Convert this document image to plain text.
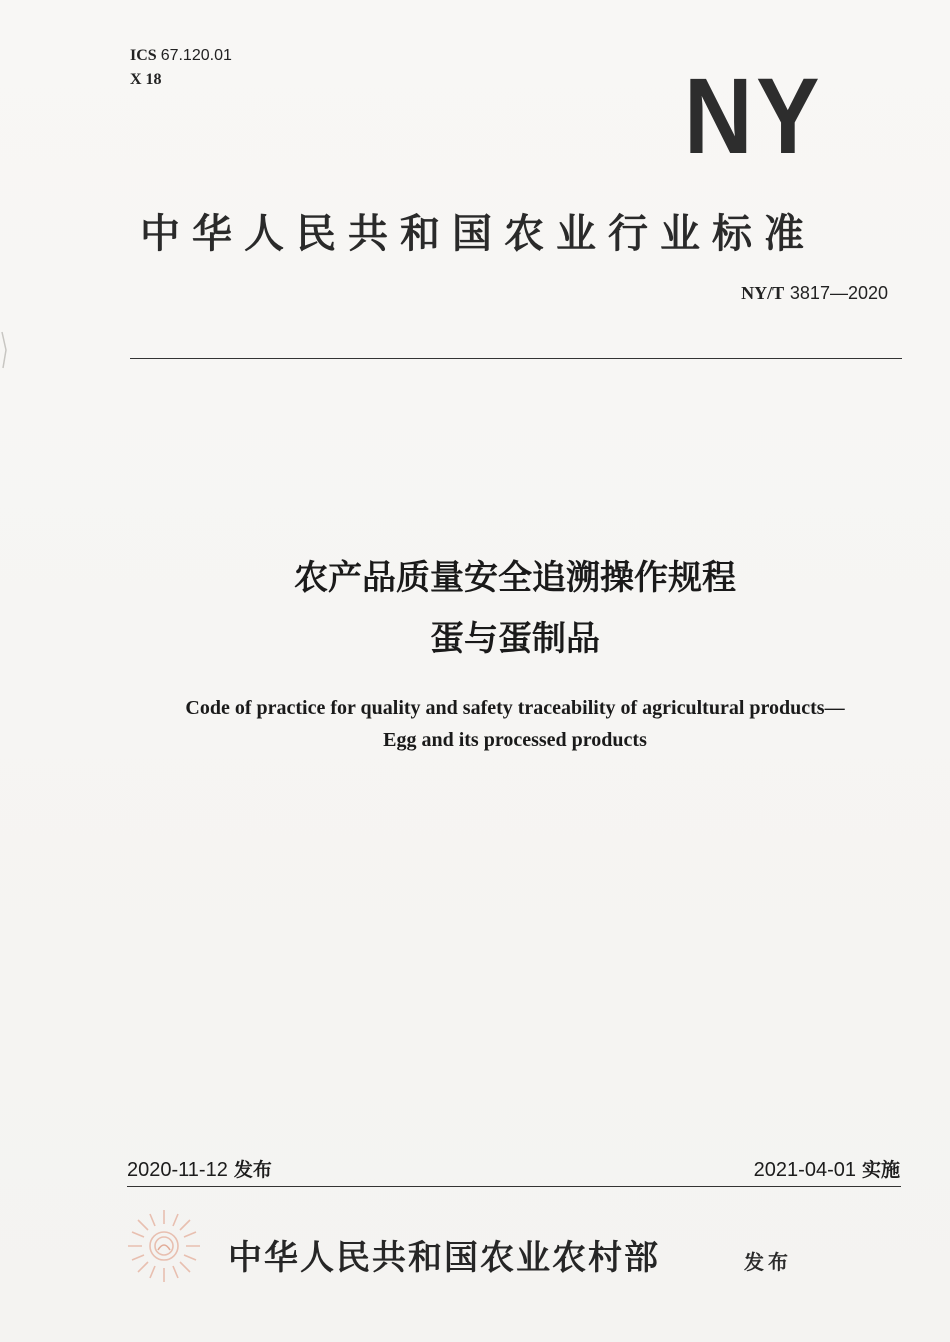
ICS 67.120.01
X 18	NY
中华人民共和国农业行业标准
NY/T 3817—2020
农产品质量安全追溯操作规程
蛋与蛋制品
Code of practice for quality and safety traceability of agricultural products—
Egg and its processed products
2020-11-12 发布	2021-04-01 实施
中华人民共和国农业农村部	发布
